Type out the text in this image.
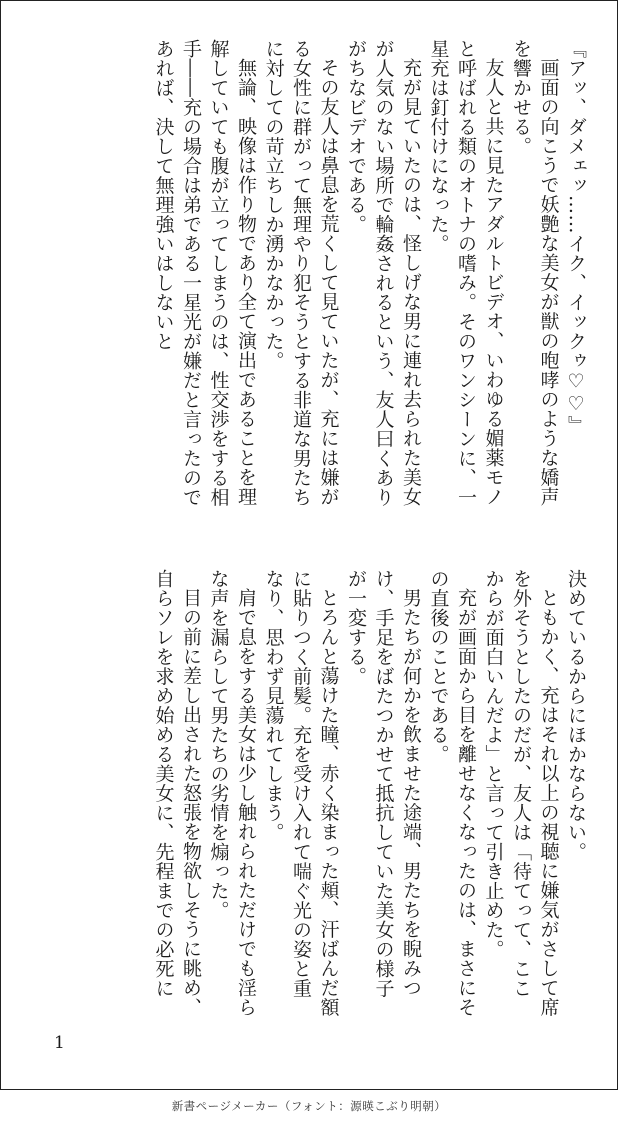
『アッ、ダメェッ……イク、イックゥ♡♡』

画面の向こうで妖艶な美女が獣の咆哮のような嬌声を響かせる。

友人と共に見たアダルトビデオ、いわゆる媚薬モノと呼ばれる類のオトナの嗜み。そのワンシーンに、一星充は釘付けになった。

充が見ていたのは、怪しげな男に連れ去られた美女が人気のない場所で輪姦されるという、友人曰くありがちなビデオである。

その友人は鼻息を荒くして見ていたが、充には嫌がる女性に群がって無理やり犯そうとする非道な男たちに対しての苛立ちしか湧かなかった。

無論、映像は作り物であり全て演出であることを理解していても腹が立ってしまうのは、性交渉をする相手――充の場合は弟である一星光が嫌だと言ったのであれば、決して無理強いはしないと

決めているからにほかならない。

ともかく、充はそれ以上の視聴に嫌気がさして席を外そうとしたのだが、友人は「待てって、ここからが面白いんだよ」と言って引き止めた。

充が画面から目を離せなくなったのは、まさにその直後のことである。

男たちが何かを飲ませた途端、男たちを睨みつけ、手足をばたつかせて抵抗していた美女の様子が一変する。

とろんと蕩けた瞳、赤く染まった頬、汗ばんだ額に貼りつく前髪。充を受け入れて喘ぐ光の姿と重なり、思わず見蕩れてしまう。

肩で息をする美女は少し触れられただけでも淫らな声を漏らして男たちの劣情を煽った。

目の前に差し出された怒張を物欲しそうに眺め、自らソレを求め始める美女に、先程までの必死に

1
新書ページメーカー（フォント：源暎こぶり明朝）
